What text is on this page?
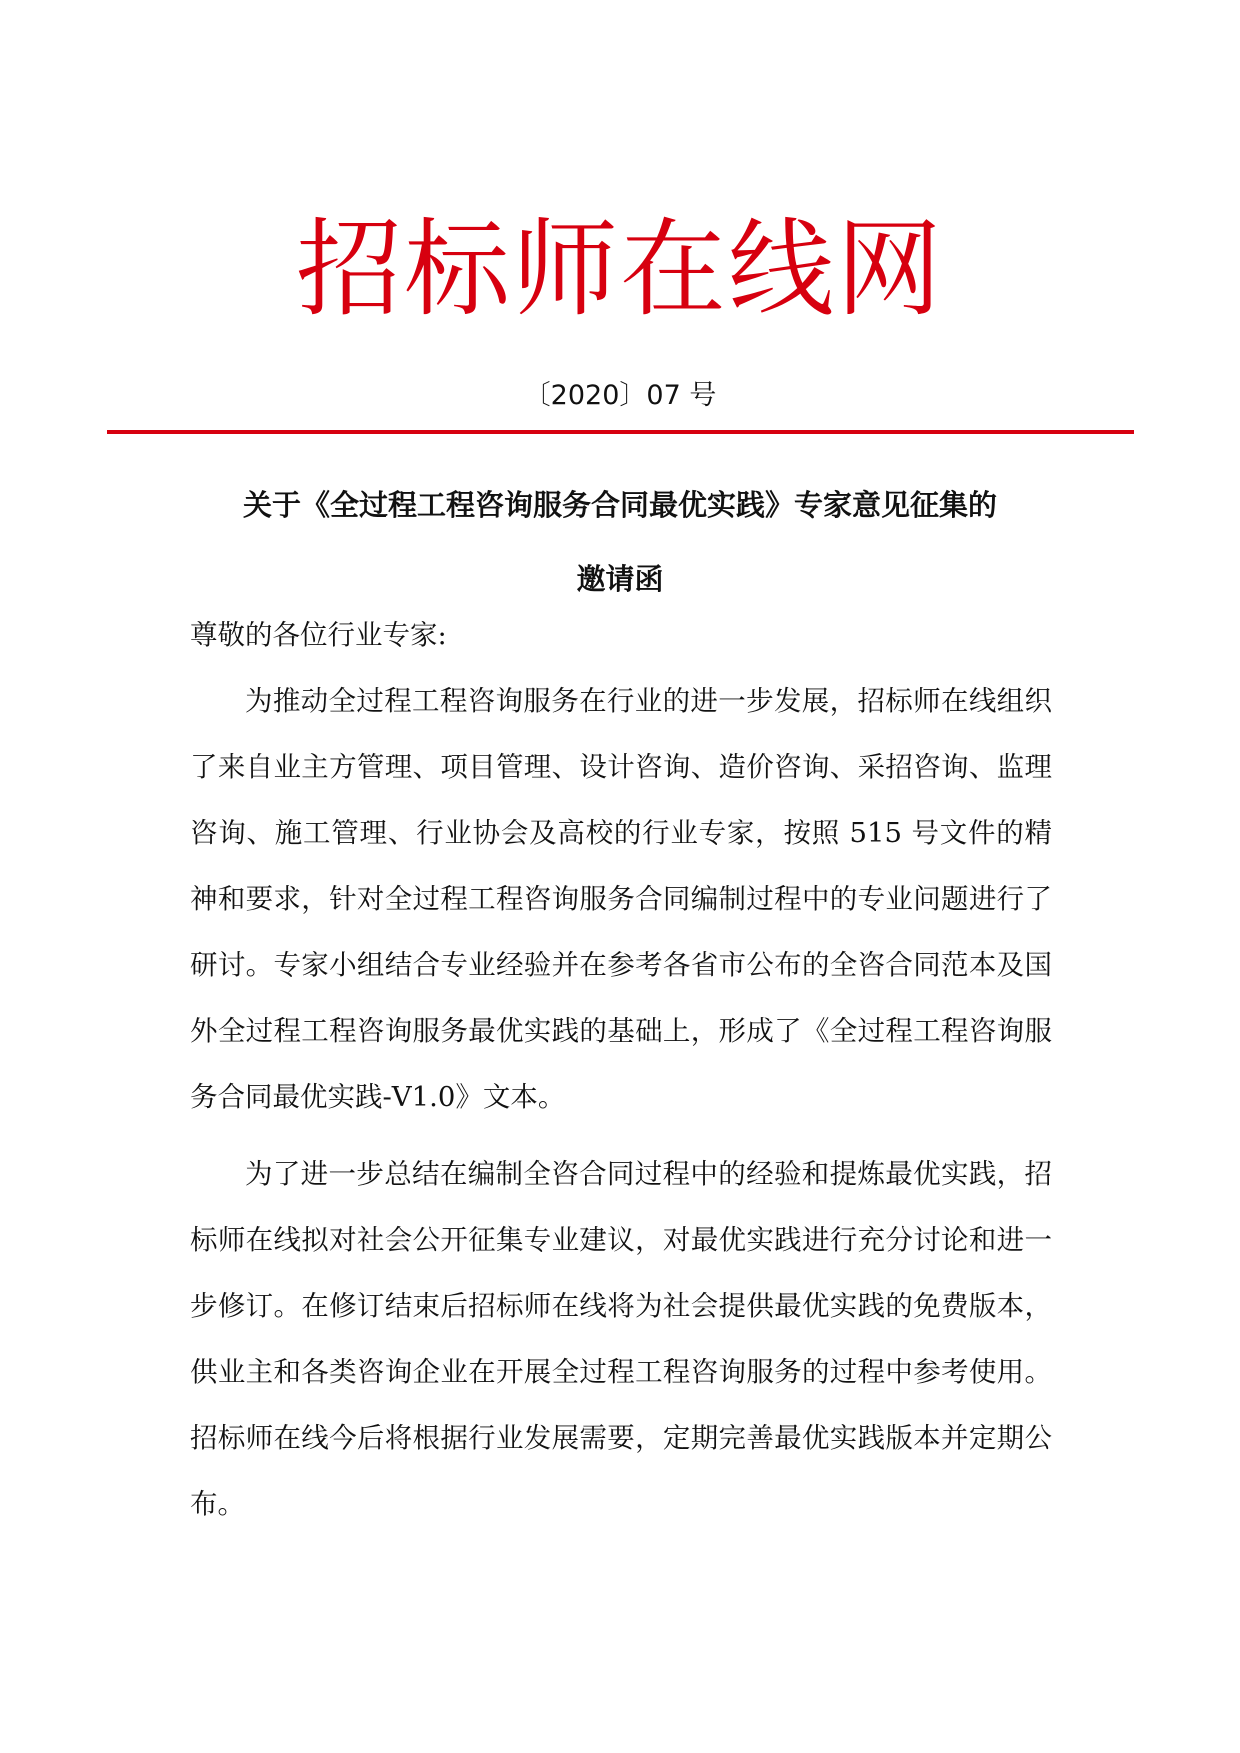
招标师在线网
〔2020〕07 号
关于《全过程工程咨询服务合同最优实践》专家意见征集的
邀请函

尊敬的各位行业专家:

为推动全过程工程咨询服务在行业的进一步发展，招标师在线组织了来自业主方管理、项目管理、设计咨询、造价咨询、采招咨询、监理咨询、施工管理、行业协会及高校的行业专家，按照 515 号文件的精神和要求，针对全过程工程咨询服务合同编制过程中的专业问题进行了研讨。专家小组结合专业经验并在参考各省市公布的全咨合同范本及国外全过程工程咨询服务最优实践的基础上，形成了《全过程工程咨询服务合同最优实践-V1.0》文本。

为了进一步总结在编制全咨合同过程中的经验和提炼最优实践，招标师在线拟对社会公开征集专业建议，对最优实践进行充分讨论和进一步修订。在修订结束后招标师在线将为社会提供最优实践的免费版本，供业主和各类咨询企业在开展全过程工程咨询服务的过程中参考使用。招标师在线今后将根据行业发展需要，定期完善最优实践版本并定期公布。
